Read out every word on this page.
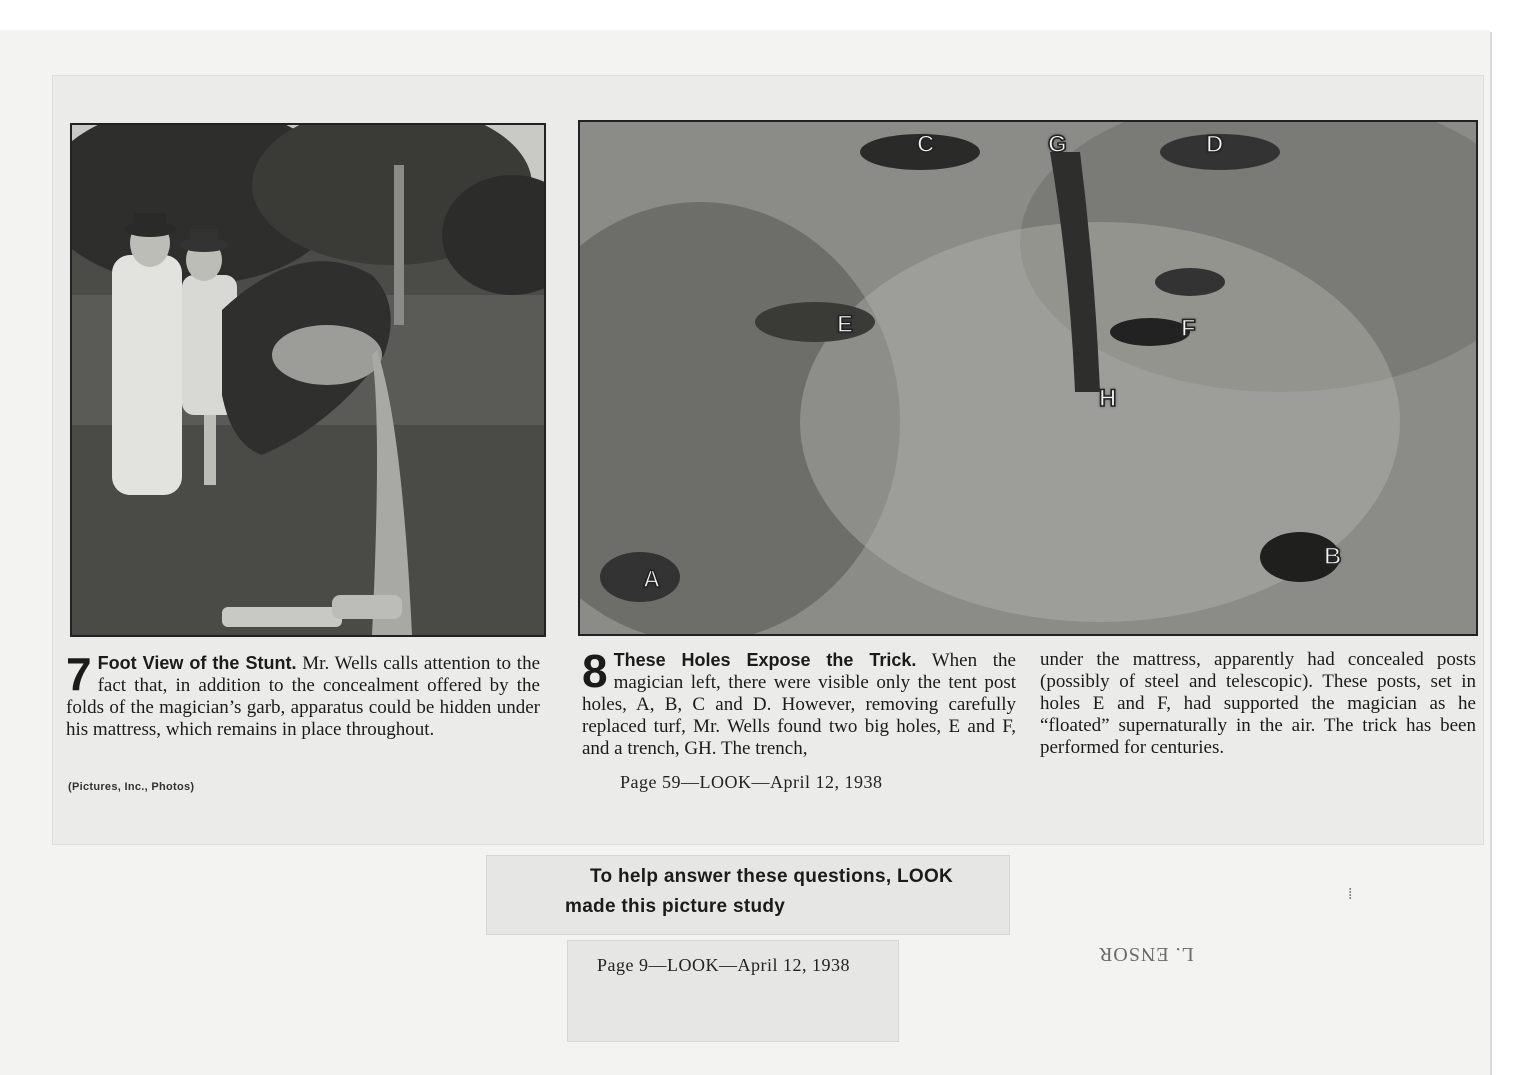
C	G	D
E	F
H
A
B
7 Foot View of the Stunt. Mr. Wells calls attention to the fact that, in addition to the concealment offered by the folds of the magician’s garb, apparatus could be hidden under his mattress, which remains in place throughout.
8 These Holes Expose the Trick. When the magician left, there were visible only the tent post holes, A, B, C and D. However, removing carefully replaced turf, Mr. Wells found two big holes, E and F, and a trench, GH. The trench,
under the mattress, apparently had concealed posts (possibly of steel and telescopic). These posts, set in holes E and F, had supported the magician as he “floated” supernaturally in the air. The trick has been performed for centuries.
(Pictures, Inc., Photos)	Page 59—LOOK—April 12, 1938
To help answer these questions, LOOK
made this picture study
Page 9—LOOK—April 12, 1938	L. ENSOR
⁞
